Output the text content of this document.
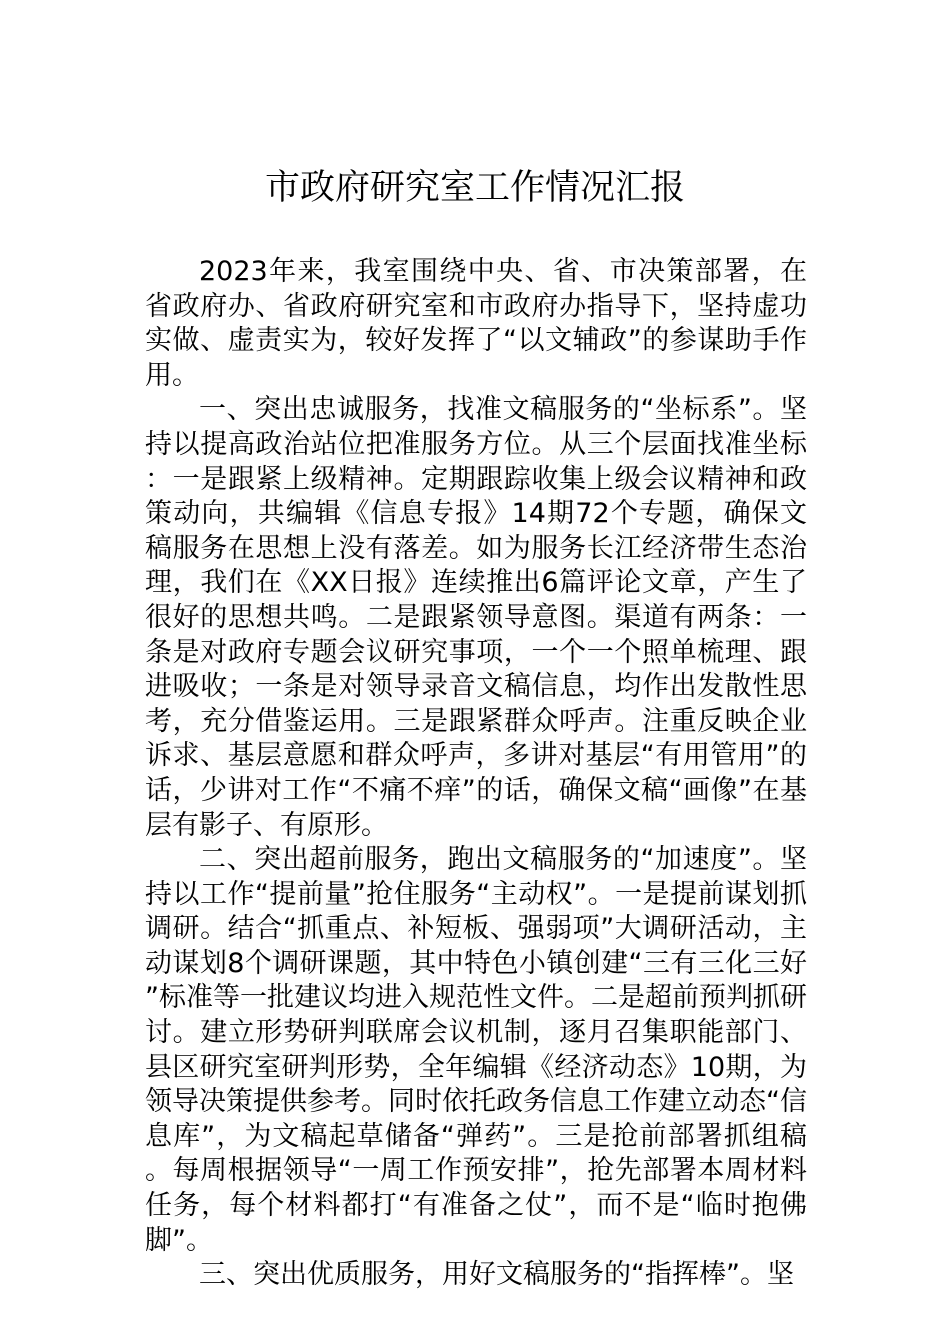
市政府研究室工作情况汇报

2023年来，我室围绕中央、省、市决策部署，在省政府办、省政府研究室和市政府办指导下，坚持虚功实做、虚责实为，较好发挥了“以文辅政”的参谋助手作用。

一、突出忠诚服务，找准文稿服务的“坐标系”。坚持以提高政治站位把准服务方位。从三个层面找准坐标：一是跟紧上级精神。定期跟踪收集上级会议精神和政策动向，共编辑《信息专报》14期72个专题，确保文稿服务在思想上没有落差。如为服务长江经济带生态治理，我们在《XX日报》连续推出6篇评论文章，产生了很好的思想共鸣。二是跟紧领导意图。渠道有两条：一条是对政府专题会议研究事项，一个一个照单梳理、跟进吸收；一条是对领导录音文稿信息，均作出发散性思考，充分借鉴运用。三是跟紧群众呼声。注重反映企业诉求、基层意愿和群众呼声，多讲对基层“有用管用”的话，少讲对工作“不痛不痒”的话，确保文稿“画像”在基层有影子、有原形。

二、突出超前服务，跑出文稿服务的“加速度”。坚持以工作“提前量”抢住服务“主动权”。一是提前谋划抓调研。结合“抓重点、补短板、强弱项”大调研活动，主动谋划8个调研课题，其中特色小镇创建“三有三化三好”标准等一批建议均进入规范性文件。二是超前预判抓研讨。建立形势研判联席会议机制，逐月召集职能部门、县区研究室研判形势，全年编辑《经济动态》10期，为领导决策提供参考。同时依托政务信息工作建立动态“信息库”，为文稿起草储备“弹药”。三是抢前部署抓组稿。每周根据领导“一周工作预安排”，抢先部署本周材料任务，每个材料都打“有准备之仗”，而不是“临时抱佛脚”。

三、突出优质服务，用好文稿服务的“指挥棒”。坚
